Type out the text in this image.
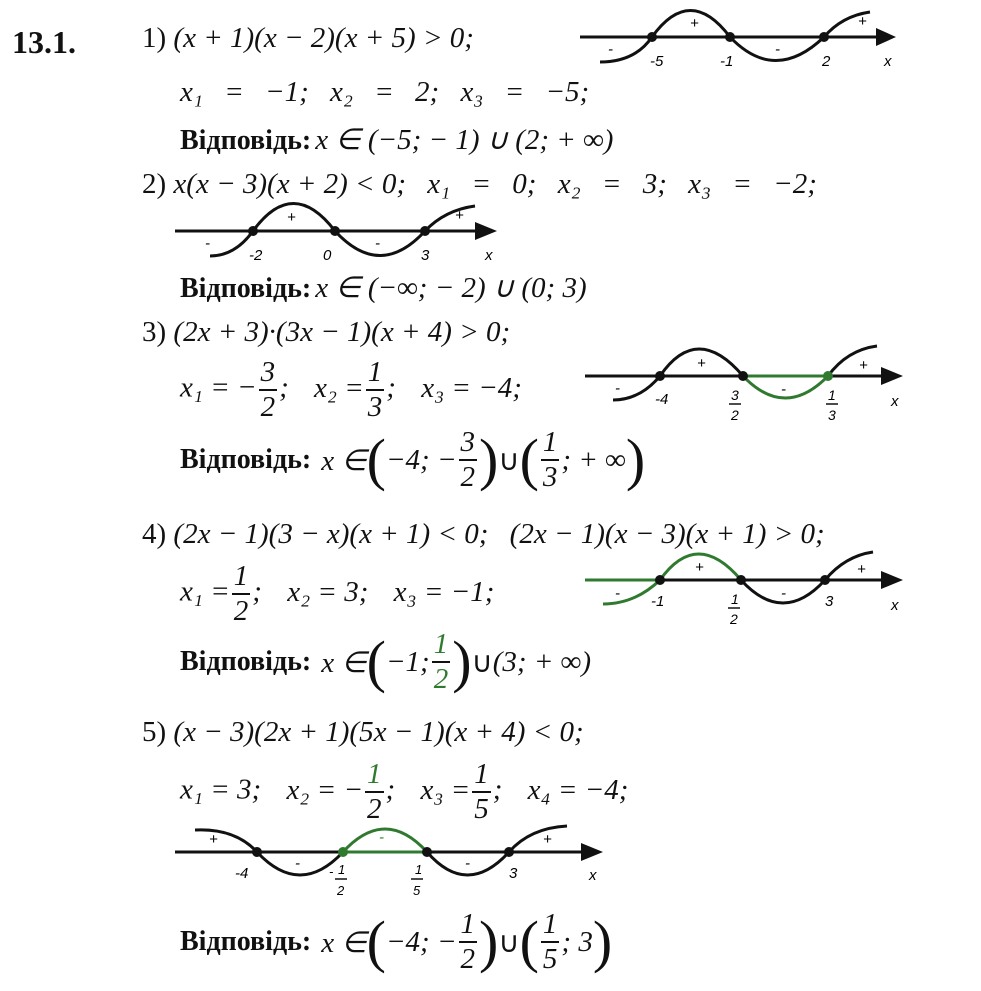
13.1. 1) (x + 1)(x − 2)(x + 5) > 0;
-5	-1	2
-
+
-
+
x
x₁ = −1; x₂ = 2; x₃ = −5;
Відповідь: x ∈ (−5; − 1) ∪ (2; + ∞)
2) x(x − 3)(x + 2) < 0; x₁ = 0; x₂ = 3; x₃ = −2;
-2	0	3
-
+
-
+
x
Відповідь: x ∈ (−∞; − 2) ∪ (0; 3)
3) (2x + 3)·(3x − 1)(x + 4) > 0;
x₁ = − $\frac{3}{2}$ ; $x_2 = \frac{1}{3}$ ; x₃ = −4;	-4	3
2
1
3
-
+
-
+
x
Відповідь: x ∈ ( −4; − $\frac{3}{2}$ ) ∪ ( $\frac{1}{3}$ ; + ∞ )
4) (2x − 1)(3 − x)(x + 1) < 0; (2x − 1)(x − 3)(x + 1) > 0;
$x_1 = \frac{1}{2}$ ; x₂ = 3; x₃ = −1;	-1	1
2
3
-
+
-
+
x
Відповідь: x ∈ ( −1; $\frac{1}{2}$ ) ∪ (3; + ∞)
5) (x − 3)(2x + 1)(5x − 1)(x + 4) < 0;
x₁ = 3; x₂ = − $\frac{1}{2}$ ; $x_3 = \frac{1}{5}$ ; x₄ = −4;
-4	- 1
2
1
5
3
+
-
-
-
+
x
Відповідь: x ∈ ( −4; − $\frac{1}{2}$ ) ∪ ( $\frac{1}{5}$ ; 3 )
